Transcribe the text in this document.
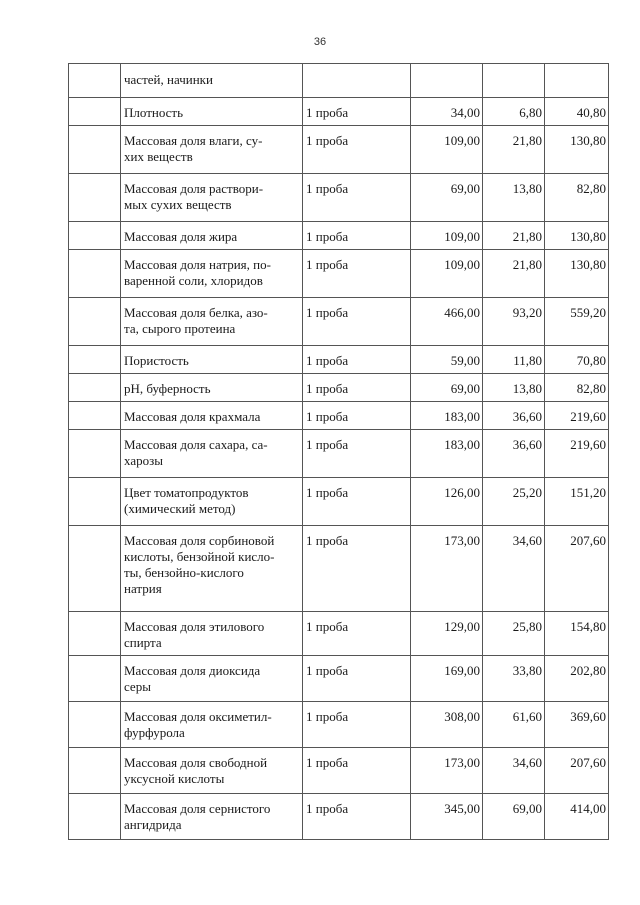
36
	частей, начинки				
	Плотность	1 проба	34,00	6,80	40,80
	Массовая доля влаги, су-
хих веществ	1 проба	109,00	21,80	130,80
	Массовая доля раствори-
мых сухих веществ	1 проба	69,00	13,80	82,80
	Массовая доля жира	1 проба	109,00	21,80	130,80
	Массовая доля натрия, по-
варенной соли, хлоридов	1 проба	109,00	21,80	130,80
	Массовая доля белка, азо-
та, сырого протеина	1 проба	466,00	93,20	559,20
	Пористость	1 проба	59,00	11,80	70,80
	pH, буферность	1 проба	69,00	13,80	82,80
	Массовая доля крахмала	1 проба	183,00	36,60	219,60
	Массовая доля сахара, са-
харозы	1 проба	183,00	36,60	219,60
	Цвет томатопродуктов
(химический метод)	1 проба	126,00	25,20	151,20
	Массовая доля сорбиновой
кислоты, бензойной кисло-
ты, бензойно-кислого
натрия	1 проба	173,00	34,60	207,60
	Массовая доля этилового
спирта	1 проба	129,00	25,80	154,80
	Массовая доля диоксида
серы	1 проба	169,00	33,80	202,80
	Массовая доля оксиметил-
фурфурола	1 проба	308,00	61,60	369,60
	Массовая доля свободной
уксусной кислоты	1 проба	173,00	34,60	207,60
	Массовая доля сернистого
ангидрида	1 проба	345,00	69,00	414,00
